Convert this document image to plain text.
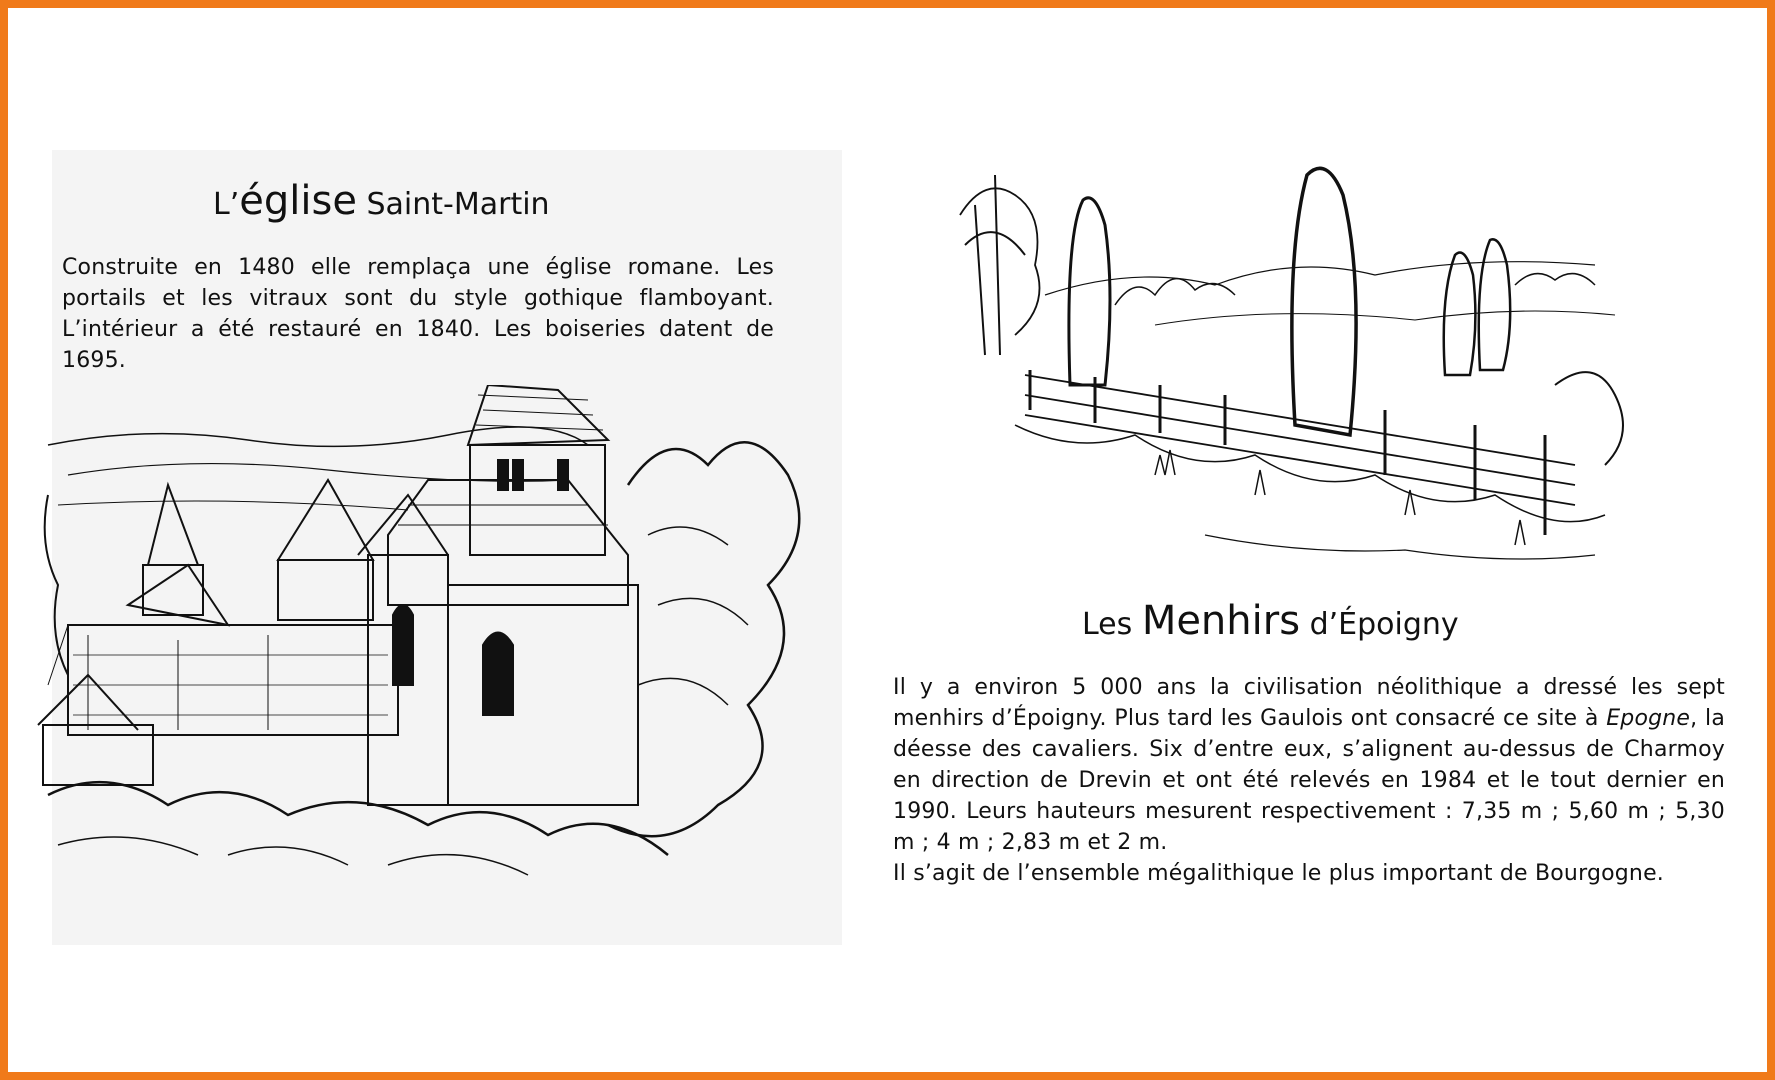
L’église Saint-Martin

Construite en 1480 elle remplaça une église romane. Les portails et les vitraux sont du style gothique flamboyant. L’intérieur a été restauré en 1840. Les boiseries datent de 1695.

Les Menhirs d’Époigny
Il y a environ 5 000 ans la civilisation néolithique a dressé les sept menhirs d’Époigny. Plus tard les Gaulois ont consacré ce site à Epogne, la déesse des cavaliers. Six d’entre eux, s’alignent au-dessus de Charmoy en direction de Drevin et ont été relevés en 1984 et le tout dernier en 1990. Leurs hauteurs mesurent respectivement : 7,35 m ; 5,60 m ; 5,30 m ; 4 m ; 2,83 m et 2 m.
Il s’agit de l’ensemble mégalithique le plus important de Bourgogne.
